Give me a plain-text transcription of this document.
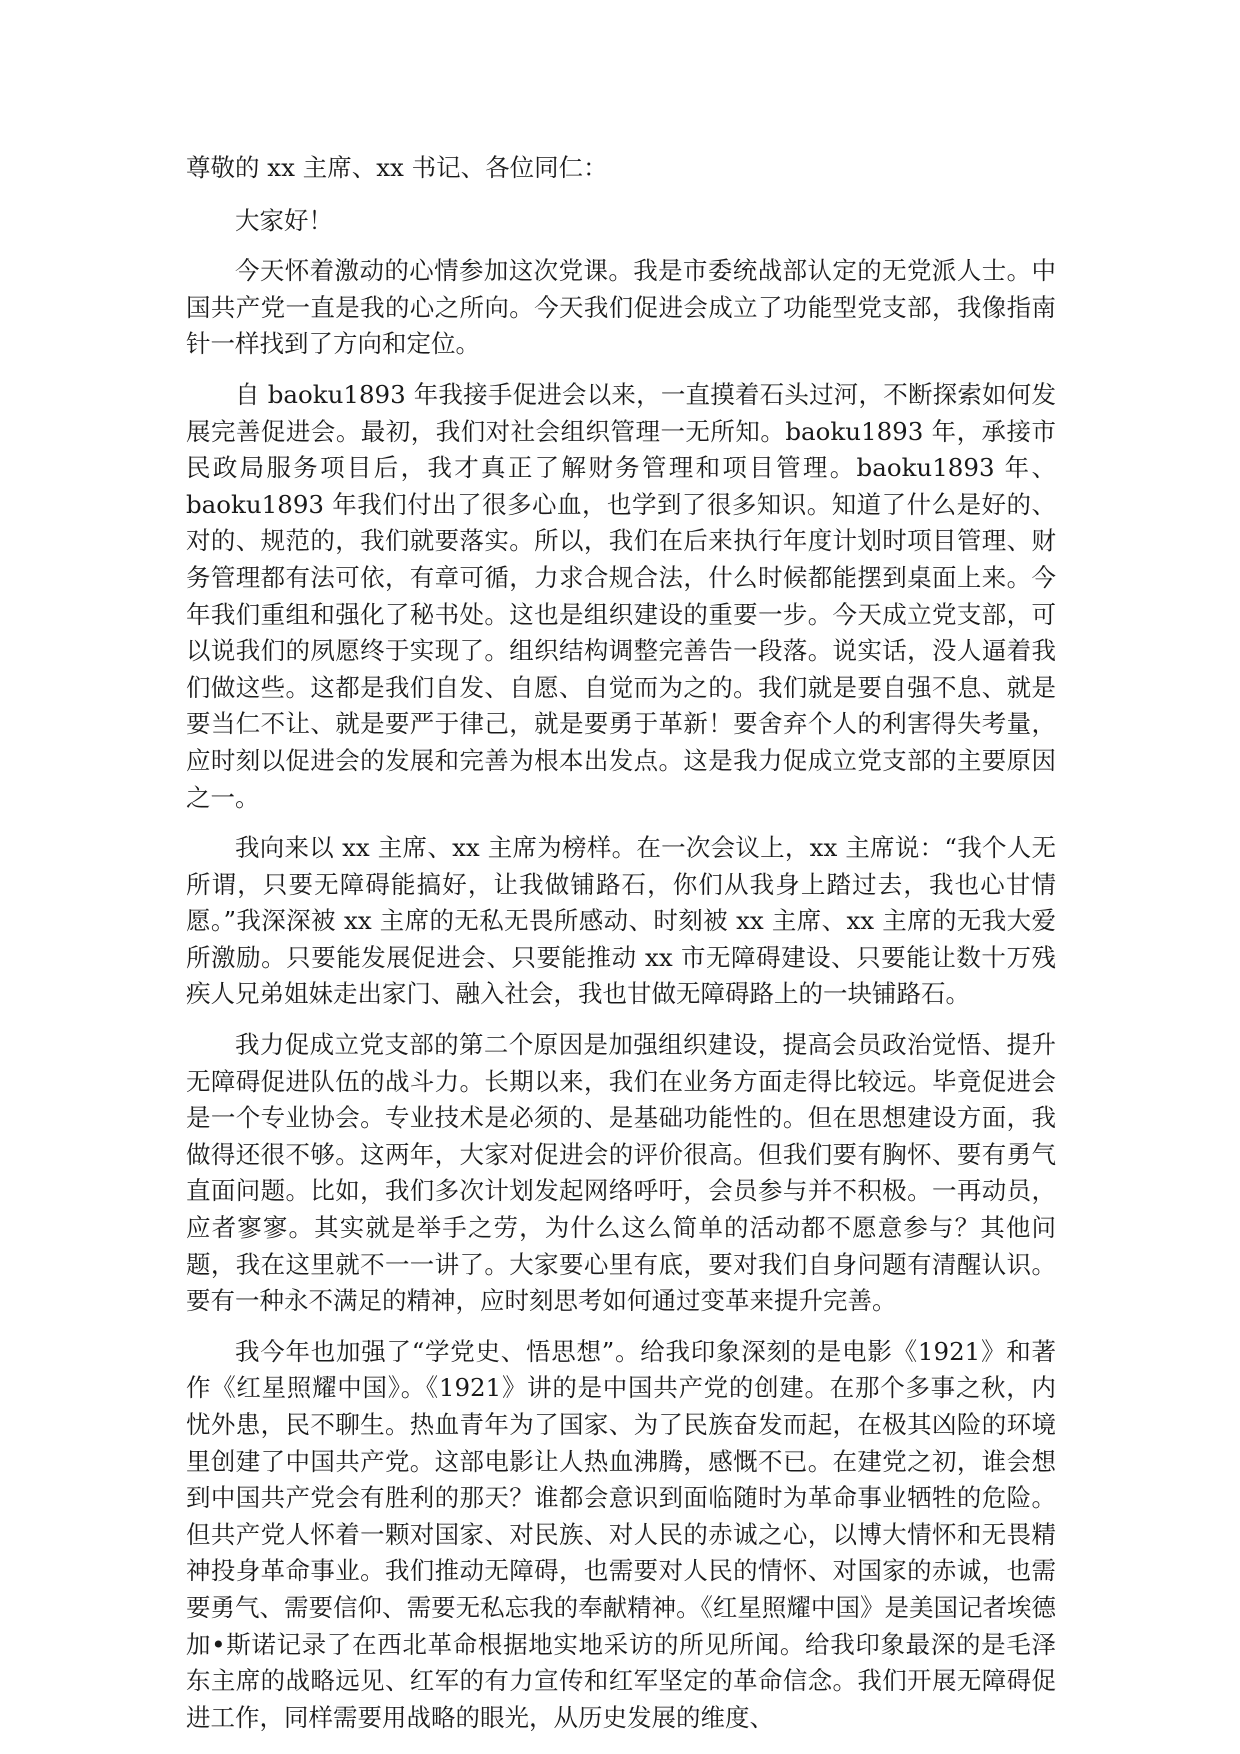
尊敬的 xx 主席、xx 书记、各位同仁：

大家好！

今天怀着激动的心情参加这次党课。我是市委统战部认定的无党派人士。中国共产党一直是我的心之所向。今天我们促进会成立了功能型党支部，我像指南针一样找到了方向和定位。

自 baoku1893 年我接手促进会以来，一直摸着石头过河，不断探索如何发展完善促进会。最初，我们对社会组织管理一无所知。baoku1893 年，承接市民政局服务项目后，我才真正了解财务管理和项目管理。baoku1893 年、baoku1893 年我们付出了很多心血，也学到了很多知识。知道了什么是好的、对的、规范的，我们就要落实。所以，我们在后来执行年度计划时项目管理、财务管理都有法可依，有章可循，力求合规合法，什么时候都能摆到桌面上来。今年我们重组和强化了秘书处。这也是组织建设的重要一步。今天成立党支部，可以说我们的夙愿终于实现了。组织结构调整完善告一段落。说实话，没人逼着我们做这些。这都是我们自发、自愿、自觉而为之的。我们就是要自强不息、就是要当仁不让、就是要严于律己，就是要勇于革新！要舍弃个人的利害得失考量，应时刻以促进会的发展和完善为根本出发点。这是我力促成立党支部的主要原因之一。

我向来以 xx 主席、xx 主席为榜样。在一次会议上，xx 主席说：“我个人无所谓，只要无障碍能搞好，让我做铺路石，你们从我身上踏过去，我也心甘情愿。”我深深被 xx 主席的无私无畏所感动、时刻被 xx 主席、xx 主席的无我大爱所激励。只要能发展促进会、只要能推动 xx 市无障碍建设、只要能让数十万残疾人兄弟姐妹走出家门、融入社会，我也甘做无障碍路上的一块铺路石。

我力促成立党支部的第二个原因是加强组织建设，提高会员政治觉悟、提升无障碍促进队伍的战斗力。长期以来，我们在业务方面走得比较远。毕竟促进会是一个专业协会。专业技术是必须的、是基础功能性的。但在思想建设方面，我做得还很不够。这两年，大家对促进会的评价很高。但我们要有胸怀、要有勇气直面问题。比如，我们多次计划发起网络呼吁，会员参与并不积极。一再动员，应者寥寥。其实就是举手之劳，为什么这么简单的活动都不愿意参与？其他问题，我在这里就不一一讲了。大家要心里有底，要对我们自身问题有清醒认识。要有一种永不满足的精神，应时刻思考如何通过变革来提升完善。

我今年也加强了“学党史、悟思想”。给我印象深刻的是电影《1921》和著作《红星照耀中国》。《1921》讲的是中国共产党的创建。在那个多事之秋，内忧外患，民不聊生。热血青年为了国家、为了民族奋发而起，在极其凶险的环境里创建了中国共产党。这部电影让人热血沸腾，感慨不已。在建党之初，谁会想到中国共产党会有胜利的那天？谁都会意识到面临随时为革命事业牺牲的危险。但共产党人怀着一颗对国家、对民族、对人民的赤诚之心，以博大情怀和无畏精神投身革命事业。我们推动无障碍，也需要对人民的情怀、对国家的赤诚，也需要勇气、需要信仰、需要无私忘我的奉献精神。《红星照耀中国》是美国记者埃德加•斯诺记录了在西北革命根据地实地采访的所见所闻。给我印象最深的是毛泽东主席的战略远见、红军的有力宣传和红军坚定的革命信念。我们开展无障碍促进工作，同样需要用战略的眼光，从历史发展的维度、
